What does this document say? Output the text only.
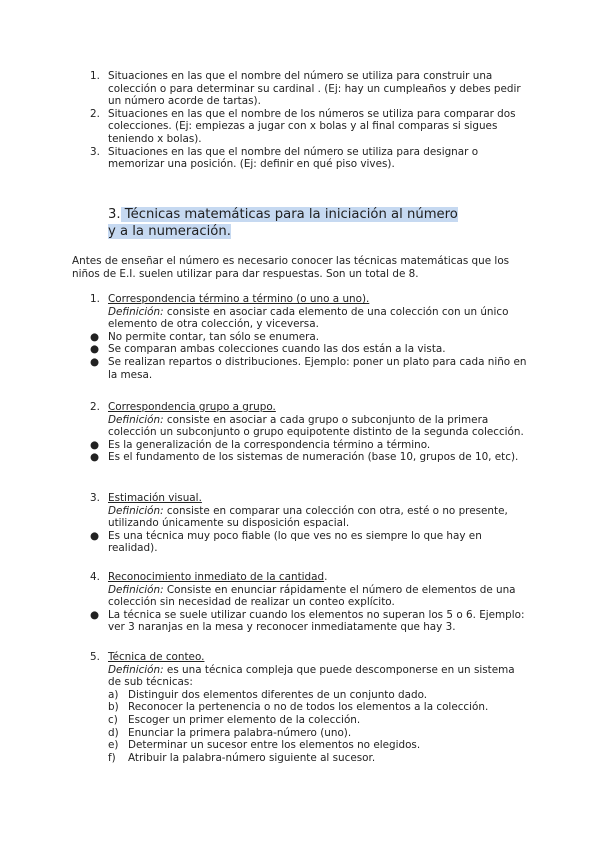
1. Situaciones en las que el nombre del número se utiliza para construir una colección o para determinar su cardinal . (Ej: hay un cumpleaños y debes pedir un número acorde de tartas).
2. Situaciones en las que el nombre de los números se utiliza para comparar dos colecciones. (Ej: empiezas a jugar con x bolas y al final comparas si sigues teniendo x bolas).
3. Situaciones en las que el nombre del número se utiliza para designar o memorizar una posición. (Ej: definir en qué piso vives).
3. Técnicas matemáticas para la iniciación al número y a la numeración.

Antes de enseñar el número es necesario conocer las técnicas matemáticas que los niños de E.I. suelen utilizar para dar respuestas. Son un total de 8.

1. Correspondencia término a término (o uno a uno).
Definición: consiste en asociar cada elemento de una colección con un único elemento de otra colección, y viceversa.
● No permite contar, tan sólo se enumera.
● Se comparan ambas colecciones cuando las dos están a la vista.
● Se realizan repartos o distribuciones. Ejemplo: poner un plato para cada niño en la mesa.
2. Correspondencia grupo a grupo.
Definición: consiste en asociar a cada grupo o subconjunto de la primera colección un subconjunto o grupo equipotente distinto de la segunda colección.
● Es la generalización de la correspondencia término a término.
● Es el fundamento de los sistemas de numeración (base 10, grupos de 10, etc).
3. Estimación visual.
Definición: consiste en comparar una colección con otra, esté o no presente, utilizando únicamente su disposición espacial.
● Es una técnica muy poco fiable (lo que ves no es siempre lo que hay en realidad).
4. Reconocimiento inmediato de la cantidad.
Definición: Consiste en enunciar rápidamente el número de elementos de una colección sin necesidad de realizar un conteo explícito.
● La técnica se suele utilizar cuando los elementos no superan los 5 o 6. Ejemplo: ver 3 naranjas en la mesa y reconocer inmediatamente que hay 3.
5. Técnica de conteo.
Definición: es una técnica compleja que puede descomponerse en un sistema de sub técnicas:
a) Distinguir dos elementos diferentes de un conjunto dado.
b) Reconocer la pertenencia o no de todos los elementos a la colección.
c) Escoger un primer elemento de la colección.
d) Enunciar la primera palabra-número (uno).
e) Determinar un sucesor entre los elementos no elegidos.
f) Atribuir la palabra-número siguiente al sucesor.
